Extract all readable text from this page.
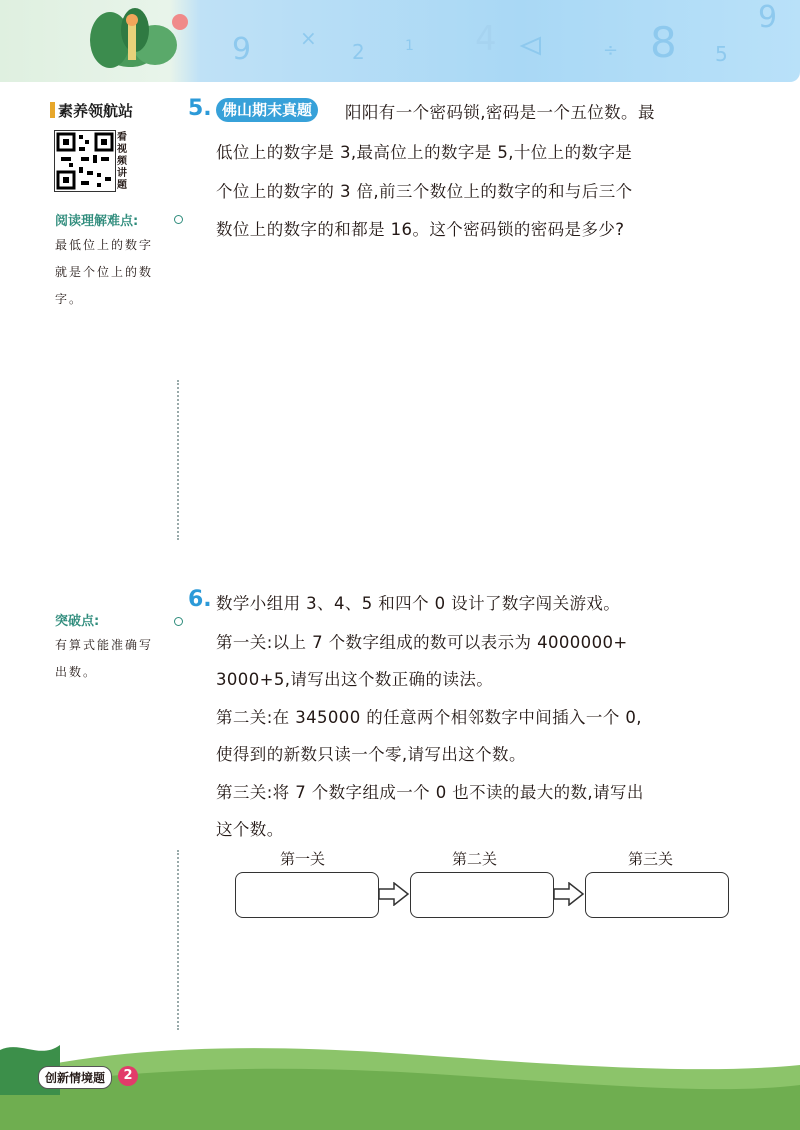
9 ×
2	1 4	÷ 8 5
9
素养领航站
看视频讲题
阅读理解难点:
最低位上的数字
就是个位上的数
字。
突破点:
有算式能准确写
出数。
5. 佛山期末真题	阳阳有一个密码锁,密码是一个五位数。最
低位上的数字是 3,最高位上的数字是 5,十位上的数字是
个位上的数字的 3 倍,前三个数位上的数字的和与后三个
数位上的数字的和都是 16。这个密码锁的密码是多少?
6. 数学小组用 3、4、5 和四个 0 设计了数字闯关游戏。
第一关:以上 7 个数字组成的数可以表示为 4000000+
3000+5,请写出这个数正确的读法。
第二关:在 345000 的任意两个相邻数字中间插入一个 0,
使得到的新数只读一个零,请写出这个数。
第三关:将 7 个数字组成一个 0 也不读的最大的数,请写出
这个数。
第一关	第二关	第三关
创新情境题	2
